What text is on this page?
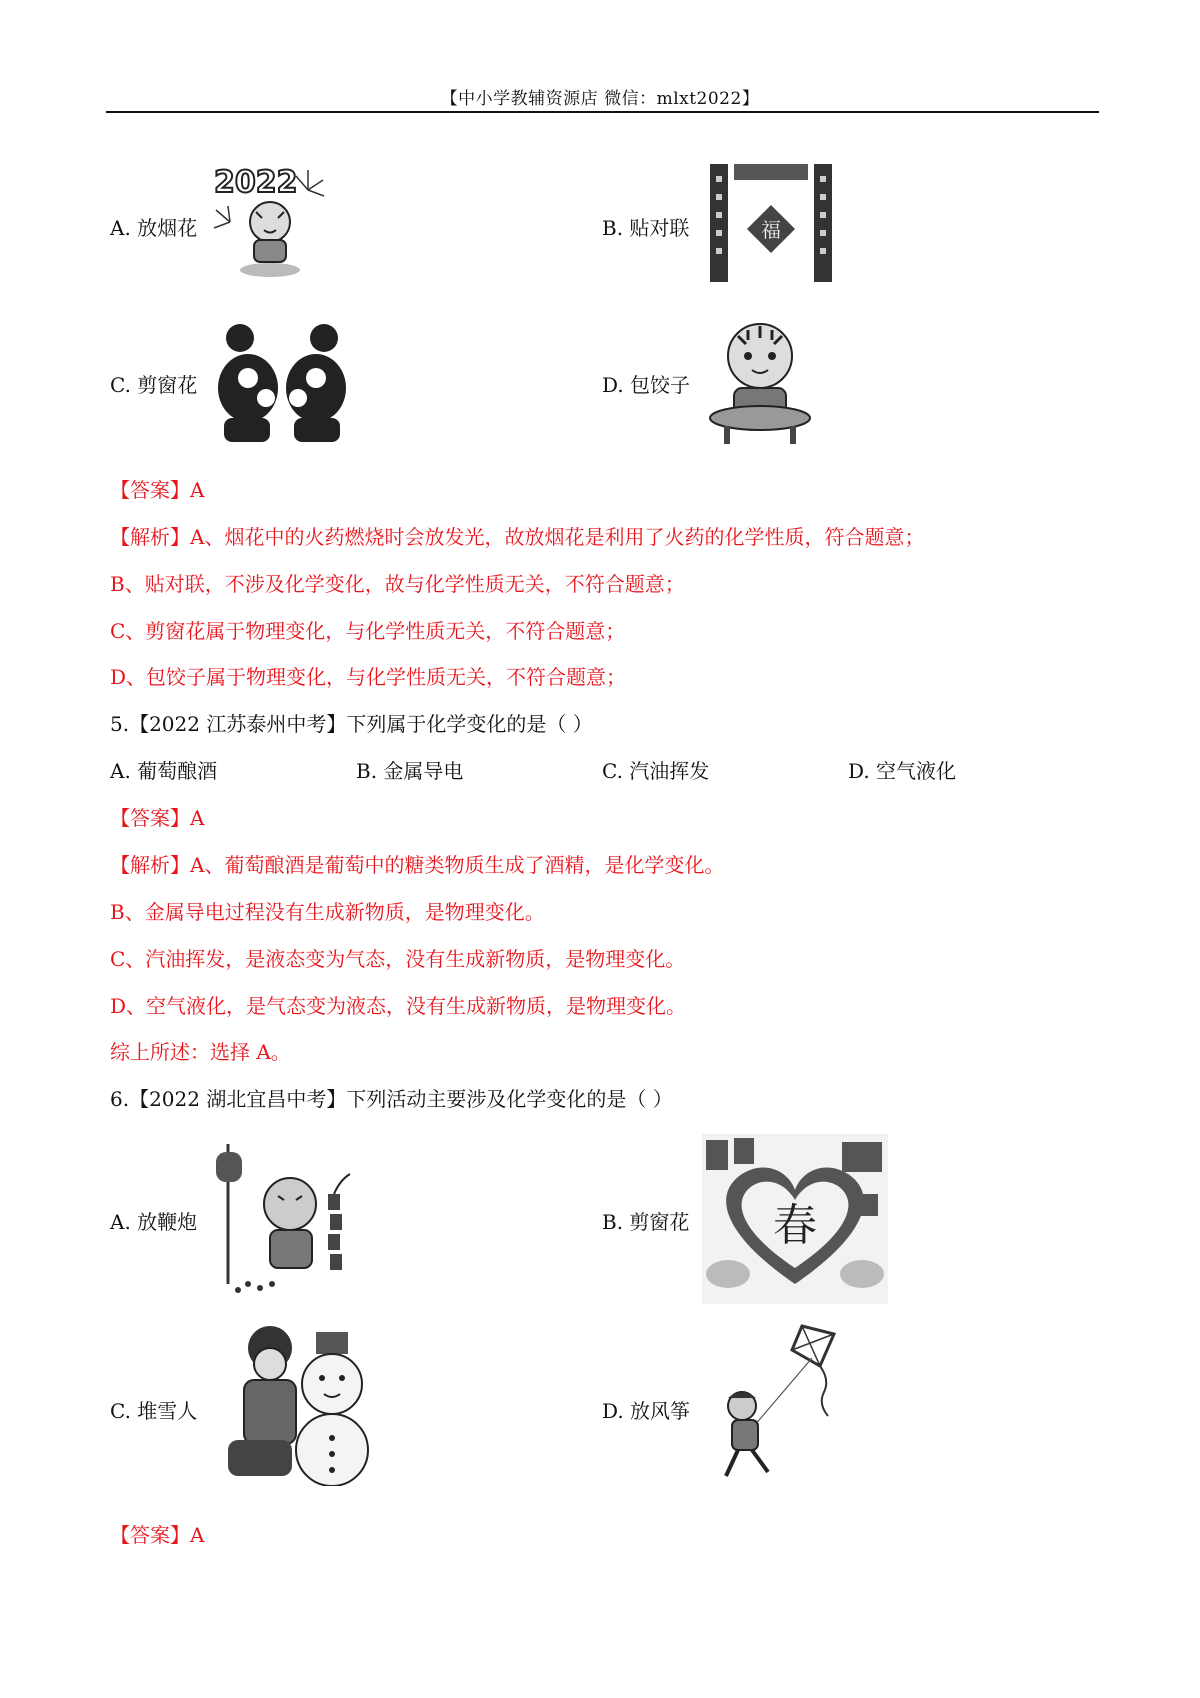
【中小学教辅资源店 微信：mlxt2022】
A. 放烟花
2022
B. 贴对联	福
C. 剪窗花	D. 包饺子
【答案】A
【解析】A、烟花中的火药燃烧时会放发光，故放烟花是利用了火药的化学性质，符合题意；
B、贴对联，不涉及化学变化，故与化学性质无关，不符合题意；
C、剪窗花属于物理变化，与化学性质无关，不符合题意；
D、包饺子属于物理变化，与化学性质无关，不符合题意；
5.【2022 江苏泰州中考】下列属于化学变化的是（ ）
A. 葡萄酿酒	B. 金属导电	C. 汽油挥发	D. 空气液化
【答案】A
【解析】A、葡萄酿酒是葡萄中的糖类物质生成了酒精，是化学变化。
B、金属导电过程没有生成新物质，是物理变化。
C、汽油挥发，是液态变为气态，没有生成新物质，是物理变化。
D、空气液化，是气态变为液态，没有生成新物质，是物理变化。
综上所述：选择 A。
6.【2022 湖北宜昌中考】下列活动主要涉及化学变化的是（ ）
A. 放鞭炮	B. 剪窗花 春
C. 堆雪人	D. 放风筝
【答案】A
